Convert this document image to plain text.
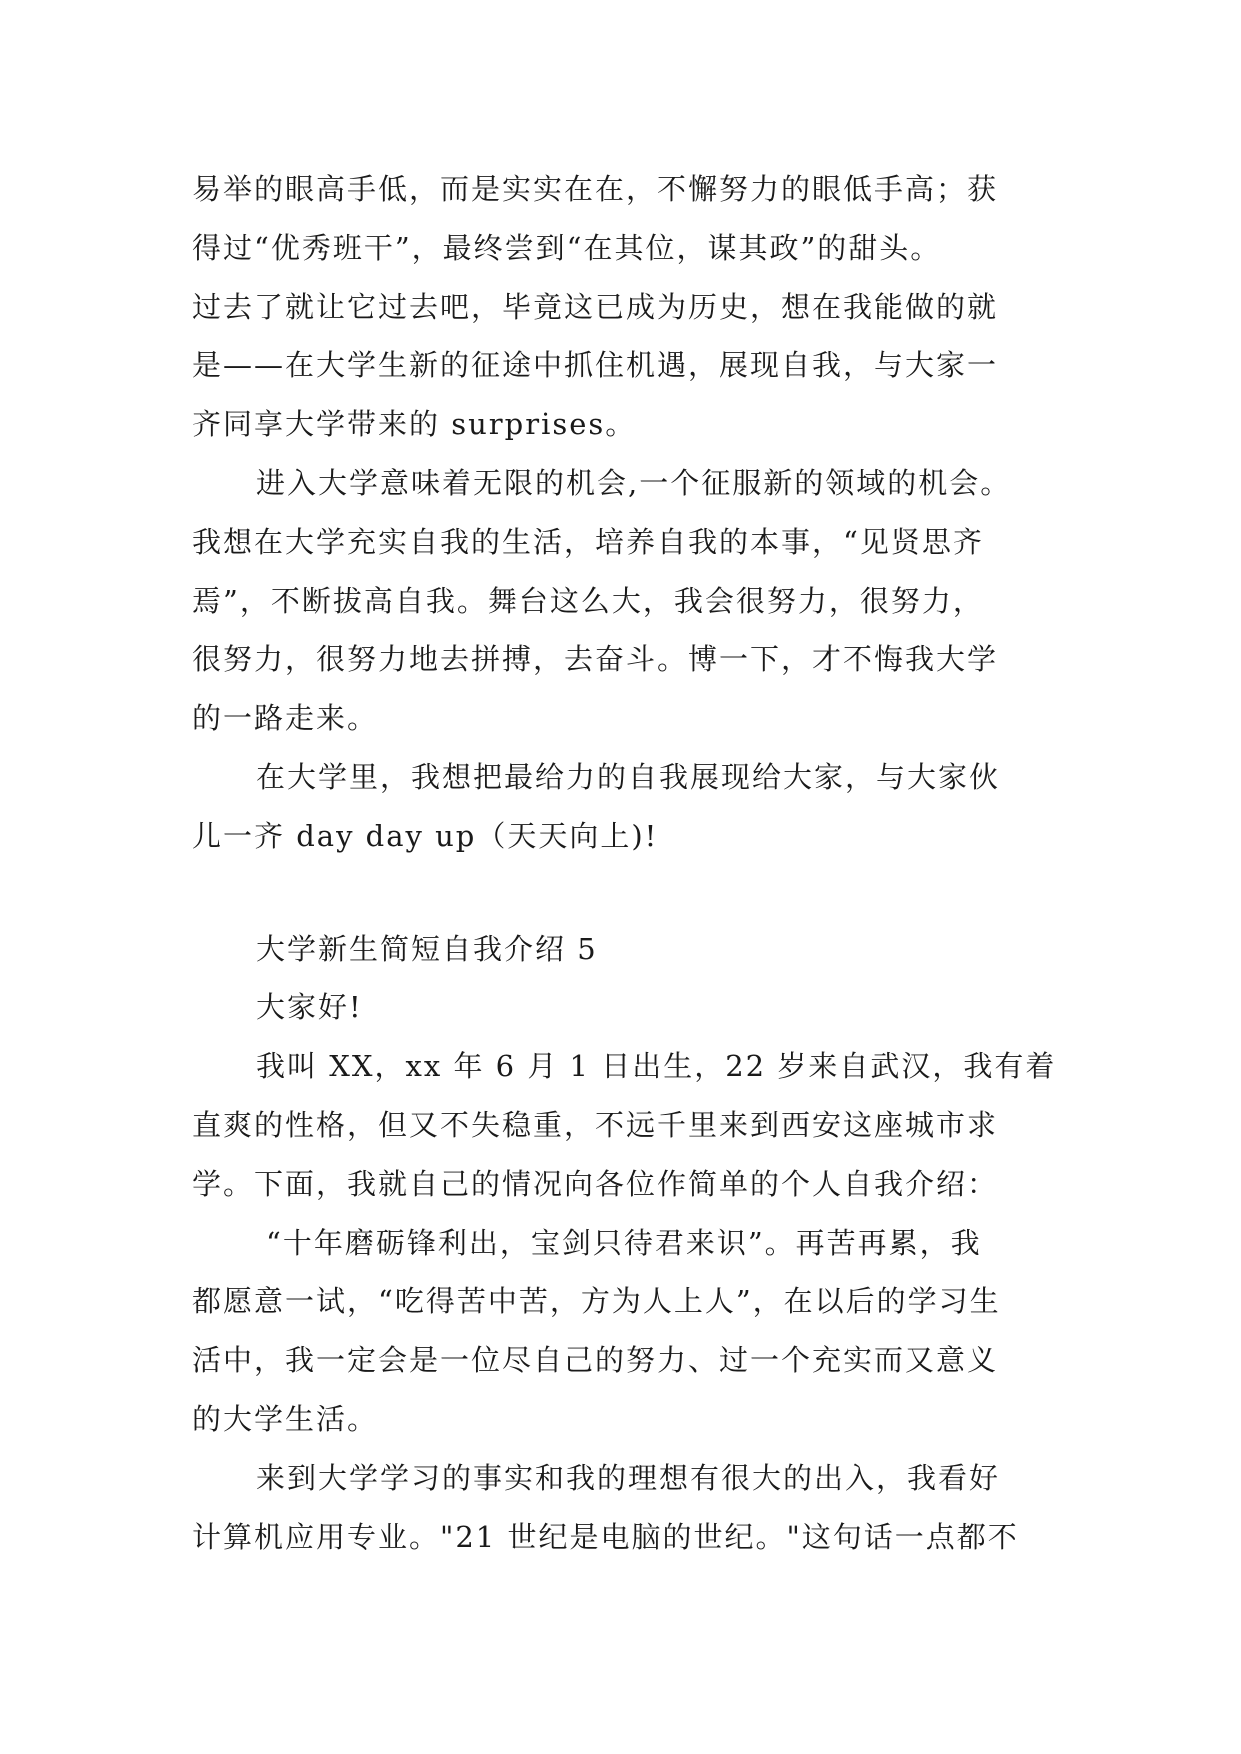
易举的眼高手低，而是实实在在，不懈努力的眼低手高；获
得过“优秀班干”，最终尝到“在其位，谋其政”的甜头。
过去了就让它过去吧，毕竟这已成为历史，想在我能做的就
是——在大学生新的征途中抓住机遇，展现自我，与大家一
齐同享大学带来的 surprises。
进入大学意味着无限的机会,一个征服新的领域的机会。
我想在大学充实自我的生活，培养自我的本事，“见贤思齐
焉”，不断拔高自我。舞台这么大，我会很努力，很努力，
很努力，很努力地去拼搏，去奋斗。博一下，才不悔我大学
的一路走来。
在大学里，我想把最给力的自我展现给大家，与大家伙
儿一齐 day day up（天天向上)!
大学新生简短自我介绍 5
大家好!
我叫 XX，xx 年 6 月 1 日出生，22 岁来自武汉，我有着
直爽的性格，但又不失稳重，不远千里来到西安这座城市求
学。下面，我就自己的情况向各位作简单的个人自我介绍：
“十年磨砺锋利出，宝剑只待君来识”。再苦再累，我
都愿意一试，“吃得苦中苦，方为人上人”，在以后的学习生
活中，我一定会是一位尽自己的努力、过一个充实而又意义
的大学生活。
来到大学学习的事实和我的理想有很大的出入，我看好
计算机应用专业。"21 世纪是电脑的世纪。"这句话一点都不
